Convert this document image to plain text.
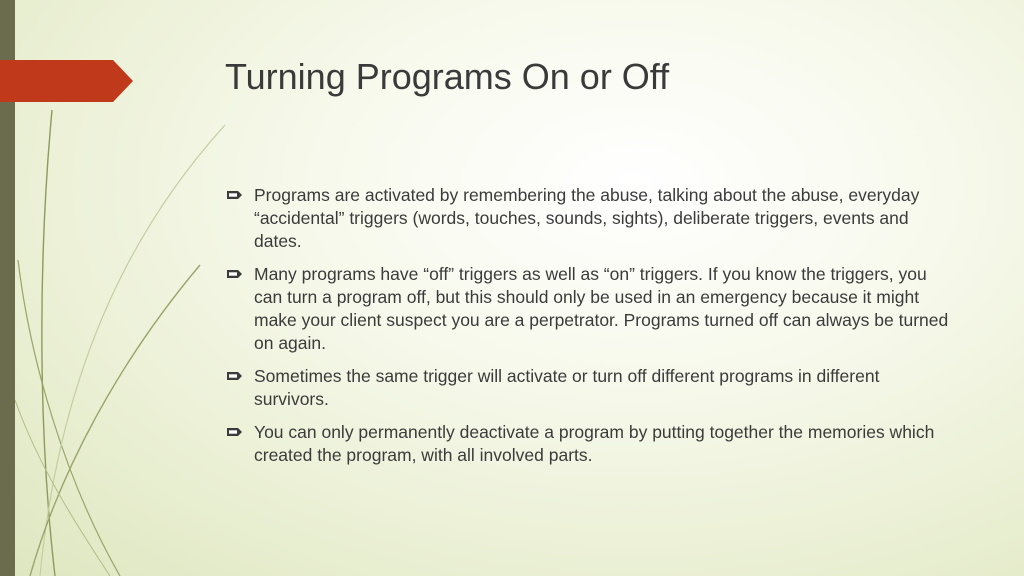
Turning Programs On or Off
Programs are activated by remembering the abuse, talking about the abuse, everyday “accidental” triggers (words, touches, sounds, sights), deliberate triggers, events and dates.
Many programs have “off” triggers as well as “on” triggers. If you know the triggers, you can turn a program off, but this should only be used in an emergency because it might make your client suspect you are a perpetrator. Programs turned off can always be turned on again.
Sometimes the same trigger will activate or turn off different programs in different survivors.
You can only permanently deactivate a program by putting together the memories which created the program, with all involved parts.
